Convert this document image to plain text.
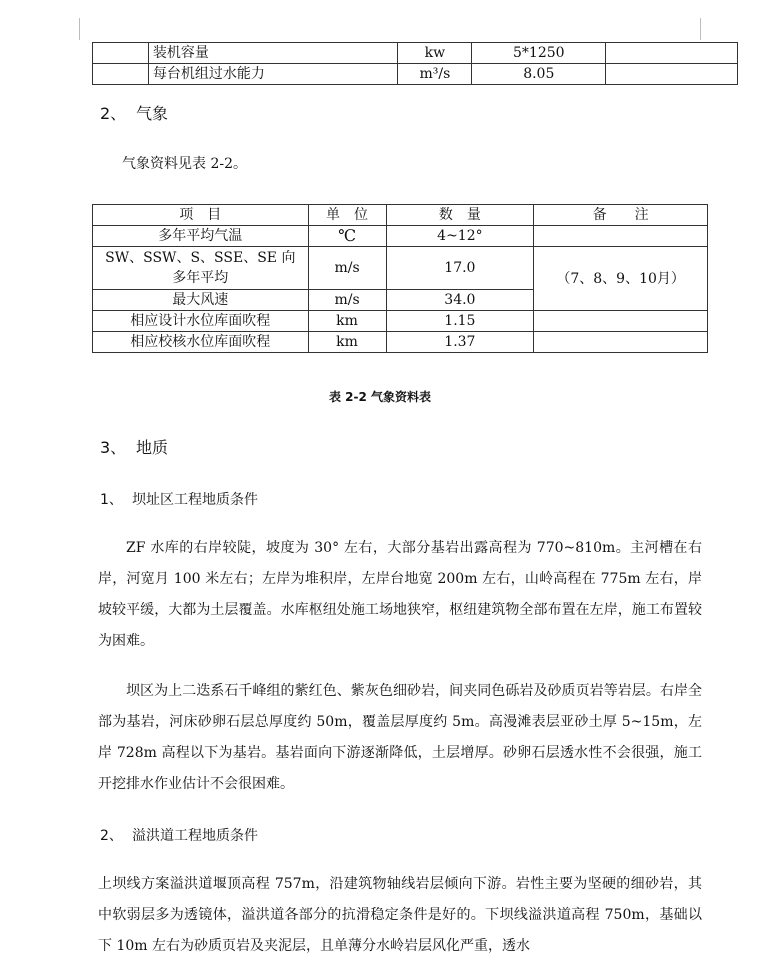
	装机容量	kw	5*1250	
	每台机组过水能力	m³/s	8.05	
2、 气象
气象资料见表 2-2。
项　目	单　位	数　量	备　　注
多年平均气温	℃	4~12°	
SW、SSW、S、SSE、SE 向多年平均	m/s	17.0	（7、8、9、10月）
最大风速	m/s	34.0	
相应设计水位库面吹程	km	1.15	
相应校核水位库面吹程	km	1.37	
表 2-2 气象资料表
3、 地质
1、 坝址区工程地质条件
ZF 水库的右岸较陡，坡度为 30° 左右，大部分基岩出露高程为 770~810m。主河槽在右岸，河宽月 100 米左右；左岸为堆积岸，左岸台地宽 200m 左右，山岭高程在 775m 左右，岸坡较平缓，大都为土层覆盖。水库枢纽处施工场地狭窄，枢纽建筑物全部布置在左岸，施工布置较为困难。
坝区为上二迭系石千峰组的紫红色、紫灰色细砂岩，间夹同色砾岩及砂质页岩等岩层。右岸全部为基岩，河床砂卵石层总厚度约 50m，覆盖层厚度约 5m。高漫滩表层亚砂土厚 5~15m，左岸 728m 高程以下为基岩。基岩面向下游逐渐降低，土层增厚。砂卵石层透水性不会很强，施工开挖排水作业估计不会很困难。
2、 溢洪道工程地质条件
上坝线方案溢洪道堰顶高程 757m，沿建筑物轴线岩层倾向下游。岩性主要为坚硬的细砂岩，其中软弱层多为透镜体，溢洪道各部分的抗滑稳定条件是好的。下坝线溢洪道高程 750m，基础以下 10m 左右为砂质页岩及夹泥层，且单薄分水岭岩层风化严重，透水
